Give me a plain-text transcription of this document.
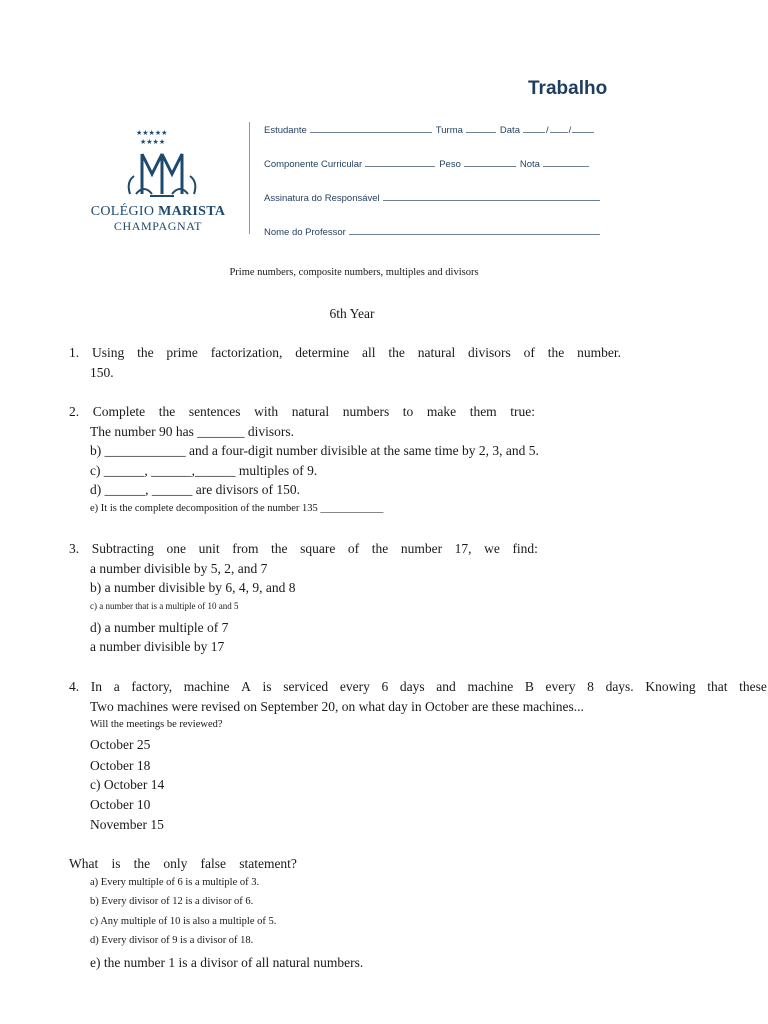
Trabalho
★★★★★
★★★★
COLÉGIO MARISTA
CHAMPAGNAT
Estudante	Turma	Data	/ /
Componente Curricular	Peso	Nota
Assinatura do Responsável
Nome do Professor
Prime numbers, composite numbers, multiples and divisors
6th Year
1. Using the prime factorization, determine all the natural divisors of the number.
150.
2. Complete the sentences with natural numbers to make them true:
The number 90 has _______ divisors.
b) ____________ and a four-digit number divisible at the same time by 2, 3, and 5.
c) ______, ______,______ multiples of 9.
d) ______, ______ are divisors of 150.
e) It is the complete decomposition of the number 135 ____________
3. Subtracting one unit from the square of the number 17, we find:
a number divisible by 5, 2, and 7
b) a number divisible by 6, 4, 9, and 8
c) a number that is a multiple of 10 and 5
d) a number multiple of 7
a number divisible by 17
4. In a factory, machine A is serviced every 6 days and machine B every 8 days. Knowing that these
Two machines were revised on September 20, on what day in October are these machines...
Will the meetings be reviewed?
October 25
October 18
c) October 14
October 10
November 15
What is the only false statement?
a) Every multiple of 6 is a multiple of 3.
b) Every divisor of 12 is a divisor of 6.
c) Any multiple of 10 is also a multiple of 5.
d) Every divisor of 9 is a divisor of 18.
e) the number 1 is a divisor of all natural numbers.
